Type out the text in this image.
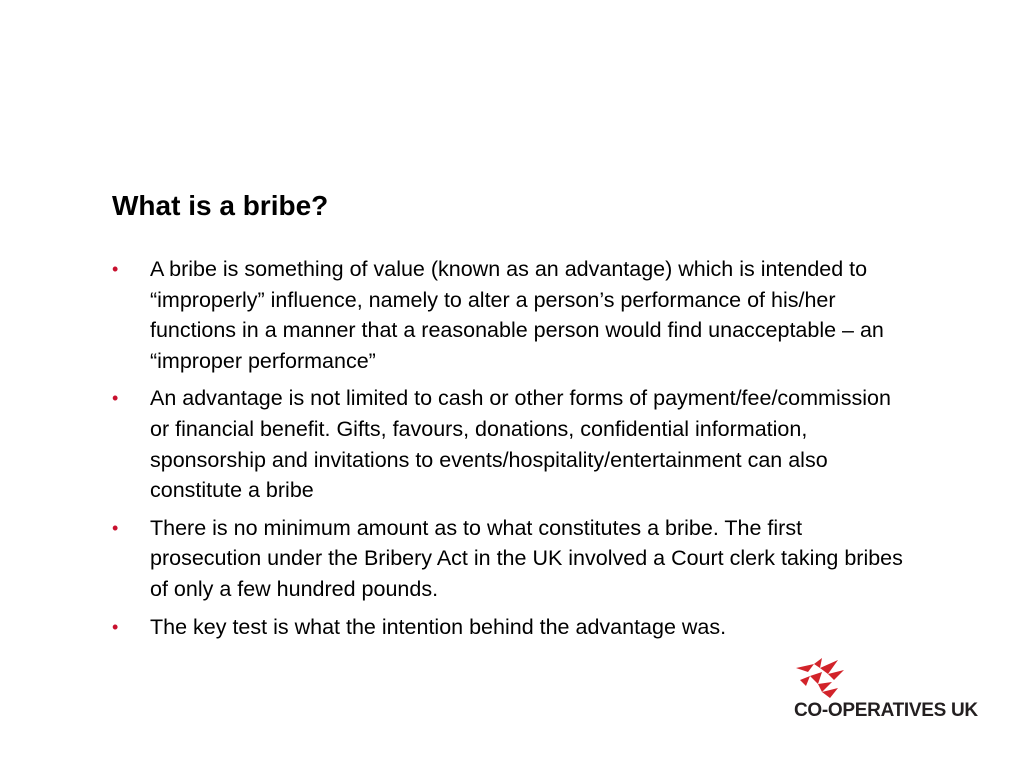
What is a bribe?
• A bribe is something of value (known as an advantage) which is intended to “improperly” influence, namely to alter a person’s performance of his/her functions in a manner that a reasonable person would find unacceptable – an “improper performance”
• An advantage is not limited to cash or other forms of payment/fee/commission or financial benefit. Gifts, favours, donations, confidential information, sponsorship and invitations to events/hospitality/entertainment can also constitute a bribe
• There is no minimum amount as to what constitutes a bribe. The first prosecution under the Bribery Act in the UK involved a Court clerk taking bribes of only a few hundred pounds.
• The key test is what the intention behind the advantage was.
CO-OPERATIVES UK
